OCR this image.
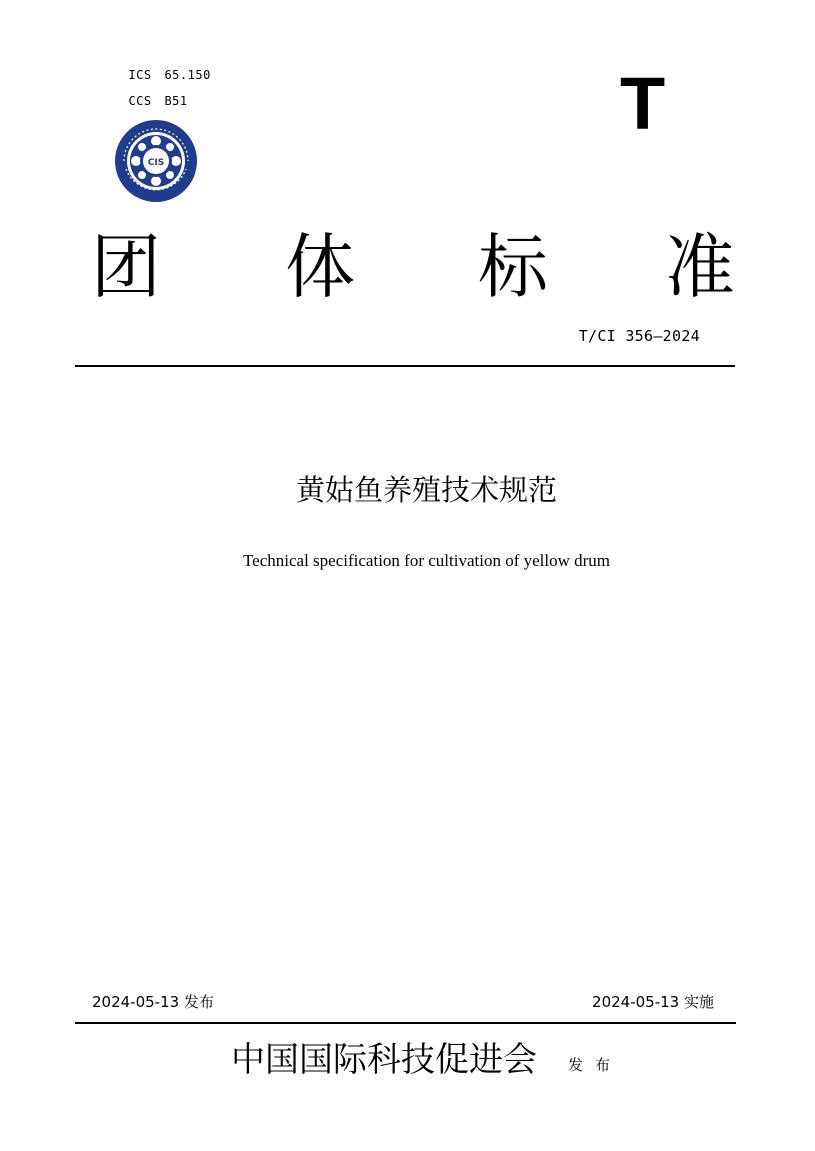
ICS 65.150

CCS B51	T
CIS
团 体 标 准
T/CI 356—2024
黄姑鱼养殖技术规范
Technical specification for cultivation of yellow drum
2024-05-13 发布	2024-05-13 实施
中国国际科技促进会 发布
